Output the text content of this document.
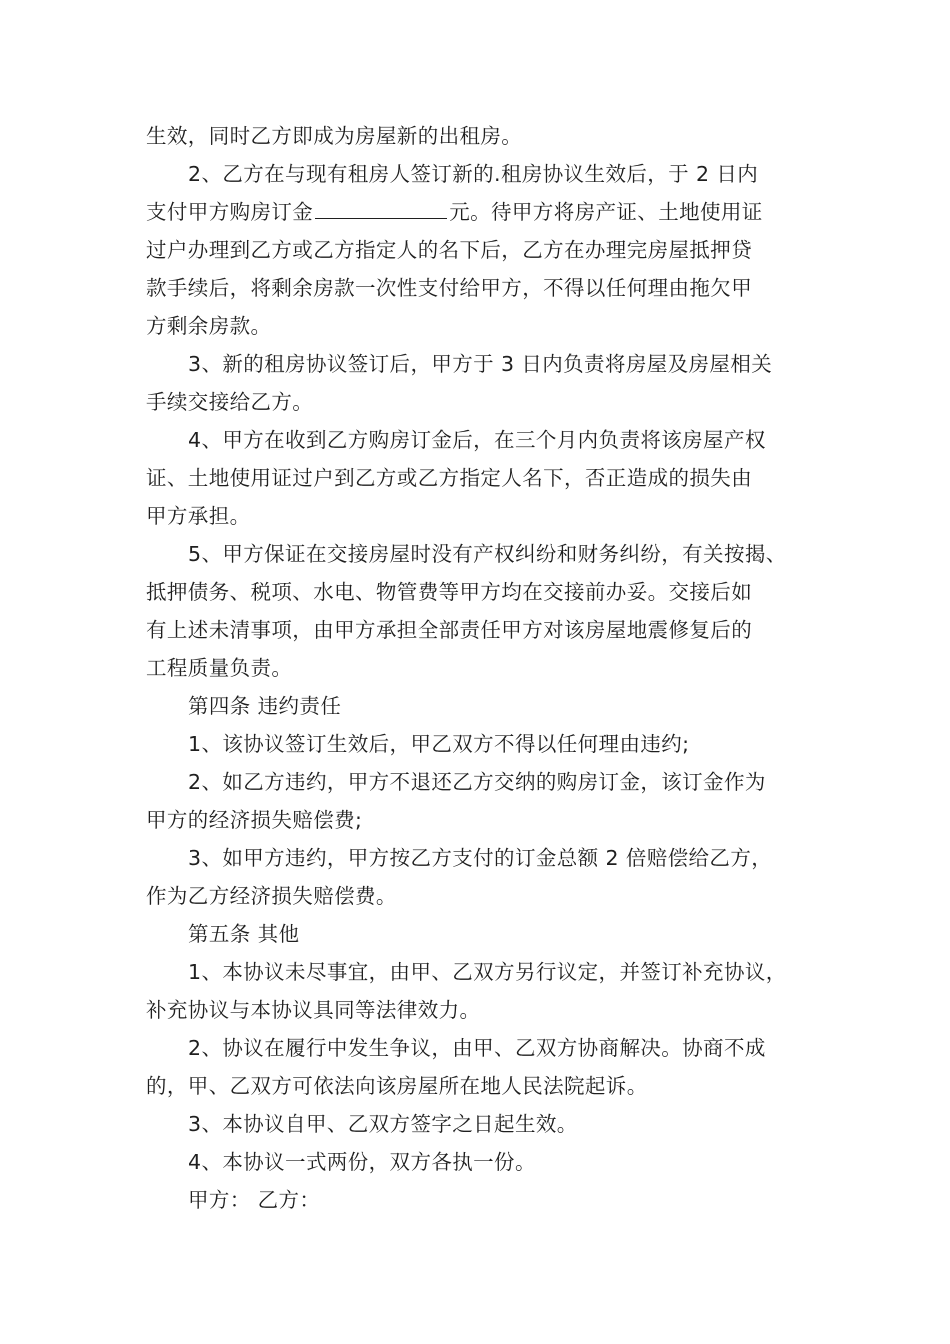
生效，同时乙方即成为房屋新的出租房。
2、乙方在与现有租房人签订新的.租房协议生效后，于 2 日内
支付甲方购房订金	元。待甲方将房产证、土地使用证
过户办理到乙方或乙方指定人的名下后，乙方在办理完房屋抵押贷
款手续后，将剩余房款一次性支付给甲方，不得以任何理由拖欠甲
方剩余房款。
3、新的租房协议签订后，甲方于 3 日内负责将房屋及房屋相关
手续交接给乙方。
4、甲方在收到乙方购房订金后，在三个月内负责将该房屋产权
证、土地使用证过户到乙方或乙方指定人名下，否正造成的损失由
甲方承担。
5、甲方保证在交接房屋时没有产权纠纷和财务纠纷，有关按揭、
抵押债务、税项、水电、物管费等甲方均在交接前办妥。交接后如
有上述未清事项，由甲方承担全部责任甲方对该房屋地震修复后的
工程质量负责。
第四条 违约责任
1、该协议签订生效后，甲乙双方不得以任何理由违约;
2、如乙方违约，甲方不退还乙方交纳的购房订金，该订金作为
甲方的经济损失赔偿费;
3、如甲方违约，甲方按乙方支付的订金总额 2 倍赔偿给乙方，
作为乙方经济损失赔偿费。
第五条 其他
1、本协议未尽事宜，由甲、乙双方另行议定，并签订补充协议，
补充协议与本协议具同等法律效力。
2、协议在履行中发生争议，由甲、乙双方协商解决。协商不成
的，甲、乙双方可依法向该房屋所在地人民法院起诉。
3、本协议自甲、乙双方签字之日起生效。
4、本协议一式两份，双方各执一份。
甲方： 乙方：
